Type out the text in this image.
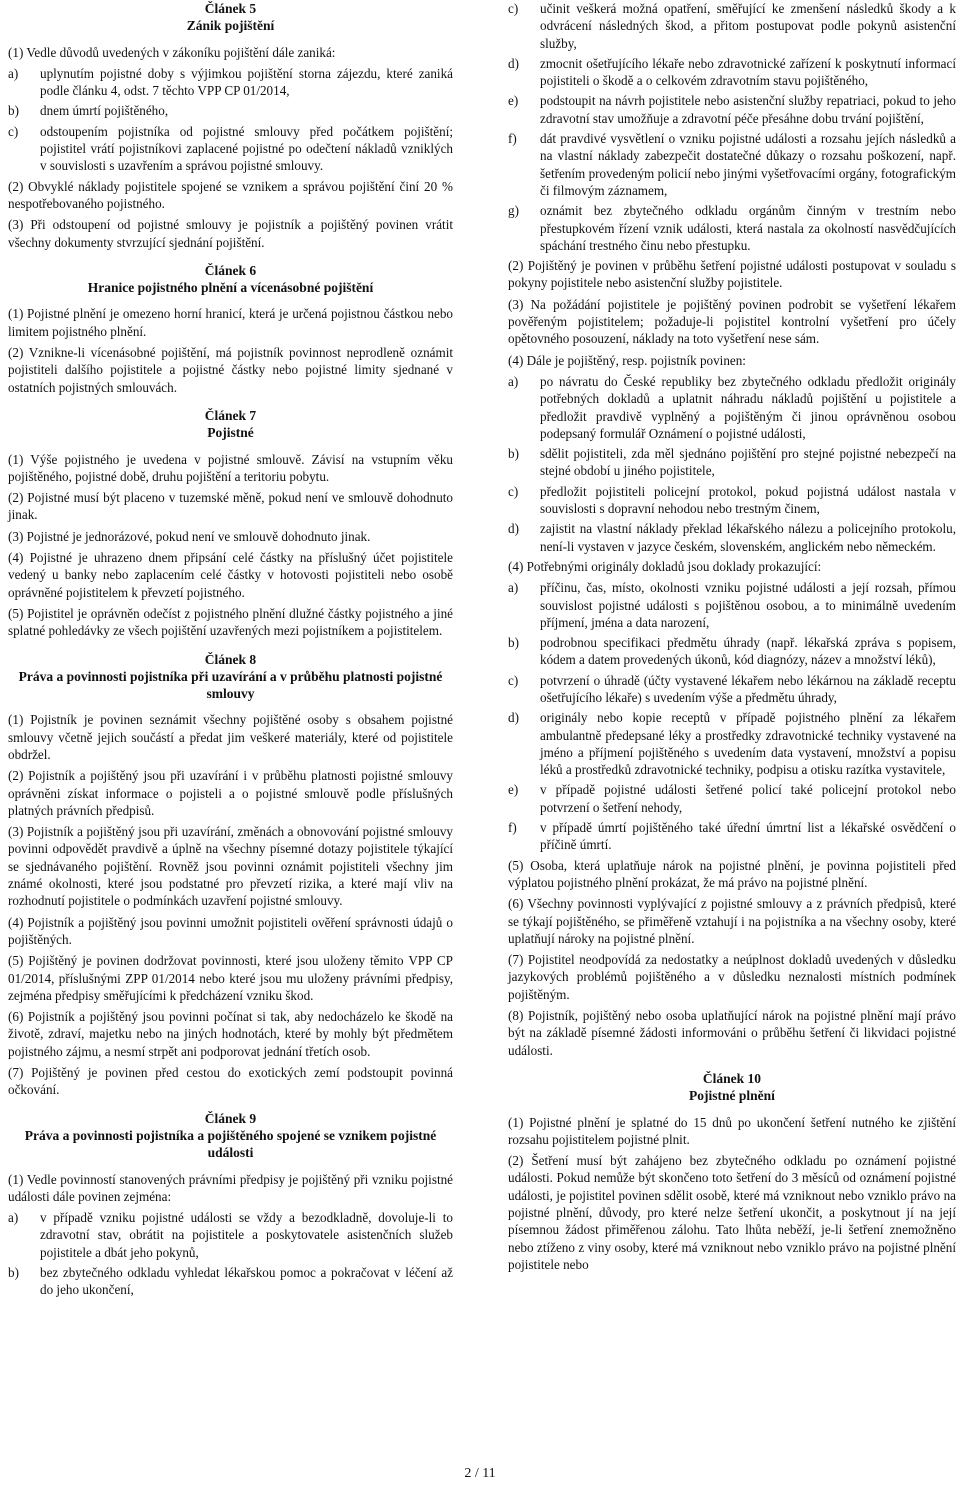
Článek 5
Zánik pojištění

(1) Vedle důvodů uvedených v zákoníku pojištění dále zaniká:

a)	uplynutím pojistné doby s výjimkou pojištění storna zájezdu, které zaniká podle článku 4, odst. 7 těchto VPP CP 01/2014,
b)	dnem úmrtí pojištěného,
c)	odstoupením pojistníka od pojistné smlouvy před počátkem pojištění; pojistitel vrátí pojistníkovi zaplacené pojistné po odečtení nákladů vzniklých v souvislosti s uzavřením a správou pojistné smlouvy.

(2) Obvyklé náklady pojistitele spojené se vznikem a správou pojištění činí 20 % nespotřebovaného pojistného.

(3) Při odstoupení od pojistné smlouvy je pojistník a pojištěný povinen vrátit všechny dokumenty stvrzující sjednání pojištění.

Článek 6
Hranice pojistného plnění a vícenásobné pojištění

(1) Pojistné plnění je omezeno horní hranicí, která je určená pojistnou částkou nebo limitem pojistného plnění.

(2) Vznikne-li vícenásobné pojištění, má pojistník povinnost neprodleně oznámit pojistiteli dalšího pojistitele a pojistné částky nebo pojistné limity sjednané v ostatních pojistných smlouvách.

Článek 7
Pojistné

(1) Výše pojistného je uvedena v pojistné smlouvě. Závisí na vstupním věku pojištěného, pojistné době, druhu pojištění a teritoriu pobytu.

(2) Pojistné musí být placeno v tuzemské měně, pokud není ve smlouvě dohodnuto jinak.

(3) Pojistné je jednorázové, pokud není ve smlouvě dohodnuto jinak.

(4) Pojistné je uhrazeno dnem připsání celé částky na příslušný účet pojistitele vedený u banky nebo zaplacením celé částky v hotovosti pojistiteli nebo osobě oprávněné pojistitelem k převzetí pojistného.

(5) Pojistitel je oprávněn odečíst z pojistného plnění dlužné částky pojistného a jiné splatné pohledávky ze všech pojištění uzavřených mezi pojistníkem a pojistitelem.

Článek 8
Práva a povinnosti pojistníka při uzavírání a v průběhu platnosti pojistné smlouvy

(1) Pojistník je povinen seznámit všechny pojištěné osoby s obsahem pojistné smlouvy včetně jejich součástí a předat jim veškeré materiály, které od pojistitele obdržel.

(2) Pojistník a pojištěný jsou při uzavírání i v průběhu platnosti pojistné smlouvy oprávněni získat informace o pojisteli a o pojistné smlouvě podle příslušných platných právních předpisů.

(3) Pojistník a pojištěný jsou při uzavírání, změnách a obnovování pojistné smlouvy povinni odpovědět pravdivě a úplně na všechny písemné dotazy pojistitele týkající se sjednávaného pojištění. Rovněž jsou povinni oznámit pojistiteli všechny jim známé okolnosti, které jsou podstatné pro převzetí rizika, a které mají vliv na rozhodnutí pojistitele o podmínkách uzavření pojistné smlouvy.

(4) Pojistník a pojištěný jsou povinni umožnit pojistiteli ověření správnosti údajů o pojištěných.

(5) Pojištěný je povinen dodržovat povinnosti, které jsou uloženy těmito VPP CP 01/2014, příslušnými ZPP 01/2014 nebo které jsou mu uloženy právními předpisy, zejména předpisy směřujícími k předcházení vzniku škod.

(6) Pojistník a pojištěný jsou povinni počínat si tak, aby nedocházelo ke škodě na životě, zdraví, majetku nebo na jiných hodnotách, které by mohly být předmětem pojistného zájmu, a nesmí strpět ani podporovat jednání třetích osob.

(7) Pojištěný je povinen před cestou do exotických zemí podstoupit povinná očkování.

Článek 9
Práva a povinnosti pojistníka a pojištěného spojené se vznikem pojistné události

(1) Vedle povinností stanovených právními předpisy je pojištěný při vzniku pojistné události dále povinen zejména:

a)	v případě vzniku pojistné události se vždy a bezodkladně, dovoluje-li to zdravotní stav, obrátit na pojistitele a poskytovatele asistenčních služeb pojistitele a dbát jeho pokynů,
b)	bez zbytečného odkladu vyhledat lékařskou pomoc a pokračovat v léčení až do jeho ukončení,
c)	učinit veškerá možná opatření, směřující ke zmenšení následků škody a k odvrácení následných škod, a přitom postupovat podle pokynů asistenční služby,
d)	zmocnit ošetřujícího lékaře nebo zdravotnické zařízení k poskytnutí informací pojistiteli o škodě a o celkovém zdravotním stavu pojištěného,
e)	podstoupit na návrh pojistitele nebo asistenční služby repatriaci, pokud to jeho zdravotní stav umožňuje a zdravotní péče přesáhne dobu trvání pojištění,
f)	dát pravdivé vysvětlení o vzniku pojistné události a rozsahu jejích následků a na vlastní náklady zabezpečit dostatečné důkazy o rozsahu poškození, např. šetřením provedeným policií nebo jinými vyšetřovacími orgány, fotografickým či filmovým záznamem,
g)	oznámit bez zbytečného odkladu orgánům činným v trestním nebo přestupkovém řízení vznik události, která nastala za okolností nasvědčujících spáchání trestného činu nebo přestupku.

(2) Pojištěný je povinen v průběhu šetření pojistné události postupovat v souladu s pokyny pojistitele nebo asistenční služby pojistitele.

(3) Na požádání pojistitele je pojištěný povinen podrobit se vyšetření lékařem pověřeným pojistitelem; požaduje-li pojistitel kontrolní vyšetření pro účely opětovného posouzení, náklady na toto vyšetření nese sám.

(4) Dále je pojištěný, resp. pojistník povinen:

a)	po návratu do České republiky bez zbytečného odkladu předložit originály potřebných dokladů a uplatnit náhradu nákladů pojištění u pojistitele a předložit pravdivě vyplněný a pojištěným či jinou oprávněnou osobou podepsaný formulář Oznámení o pojistné události,
b)	sdělit pojistiteli, zda měl sjednáno pojištění pro stejné pojistné nebezpečí na stejné období u jiného pojistitele,
c)	předložit pojistiteli policejní protokol, pokud pojistná událost nastala v souvislosti s dopravní nehodou nebo trestným činem,
d)	zajistit na vlastní náklady překlad lékařského nálezu a policejního protokolu, není-li vystaven v jazyce českém, slovenském, anglickém nebo německém.

(4) Potřebnými originály dokladů jsou doklady prokazující:

a)	příčinu, čas, místo, okolnosti vzniku pojistné události a její rozsah, přímou souvislost pojistné události s pojištěnou osobou, a to minimálně uvedením příjmení, jména a data narození,
b)	podrobnou specifikaci předmětu úhrady (např. lékařská zpráva s popisem, kódem a datem provedených úkonů, kód diagnózy, název a množství léků),
c)	potvrzení o úhradě (účty vystavené lékařem nebo lékárnou na základě receptu ošetřujícího lékaře) s uvedením výše a předmětu úhrady,
d)	originály nebo kopie receptů v případě pojistného plnění za lékařem ambulantně předepsané léky a prostředky zdravotnické techniky vystavené na jméno a příjmení pojištěného s uvedením data vystavení, množství a popisu léků a prostředků zdravotnické techniky, podpisu a otisku razítka vystavitele,
e)	v případě pojistné události šetřené policí také policejní protokol nebo potvrzení o šetření nehody,
f)	v případě úmrtí pojištěného také úřední úmrtní list a lékařské osvědčení o příčině úmrtí.

(5) Osoba, která uplatňuje nárok na pojistné plnění, je povinna pojistiteli před výplatou pojistného plnění prokázat, že má právo na pojistné plnění.

(6) Všechny povinnosti vyplývající z pojistné smlouvy a z právních předpisů, které se týkají pojištěného, se přiměřeně vztahují i na pojistníka a na všechny osoby, které uplatňují nároky na pojistné plnění.

(7) Pojistitel neodpovídá za nedostatky a neúplnost dokladů uvedených v důsledku jazykových problémů pojištěného a v důsledku neznalosti místních podmínek pojištěným.

(8) Pojistník, pojištěný nebo osoba uplatňující nárok na pojistné plnění mají právo být na základě písemné žádosti informováni o průběhu šetření či likvidaci pojistné události.

Článek 10
Pojistné plnění

(1) Pojistné plnění je splatné do 15 dnů po ukončení šetření nutného ke zjištění rozsahu pojistitelem pojistné plnit.

(2) Šetření musí být zahájeno bez zbytečného odkladu po oznámení pojistné události. Pokud nemůže být skončeno toto šetření do 3 měsíců od oznámení pojistné události, je pojistitel povinen sdělit osobě, které má vzniknout nebo vzniklo právo na pojistné plnění, důvody, pro které nelze šetření ukončit, a poskytnout jí na její písemnou žádost přiměřenou zálohu. Tato lhůta neběží, je-li šetření znemožněno nebo ztíženo z viny osoby, které má vzniknout nebo vzniklo právo na pojistné plnění pojistitele nebo

2 / 11
